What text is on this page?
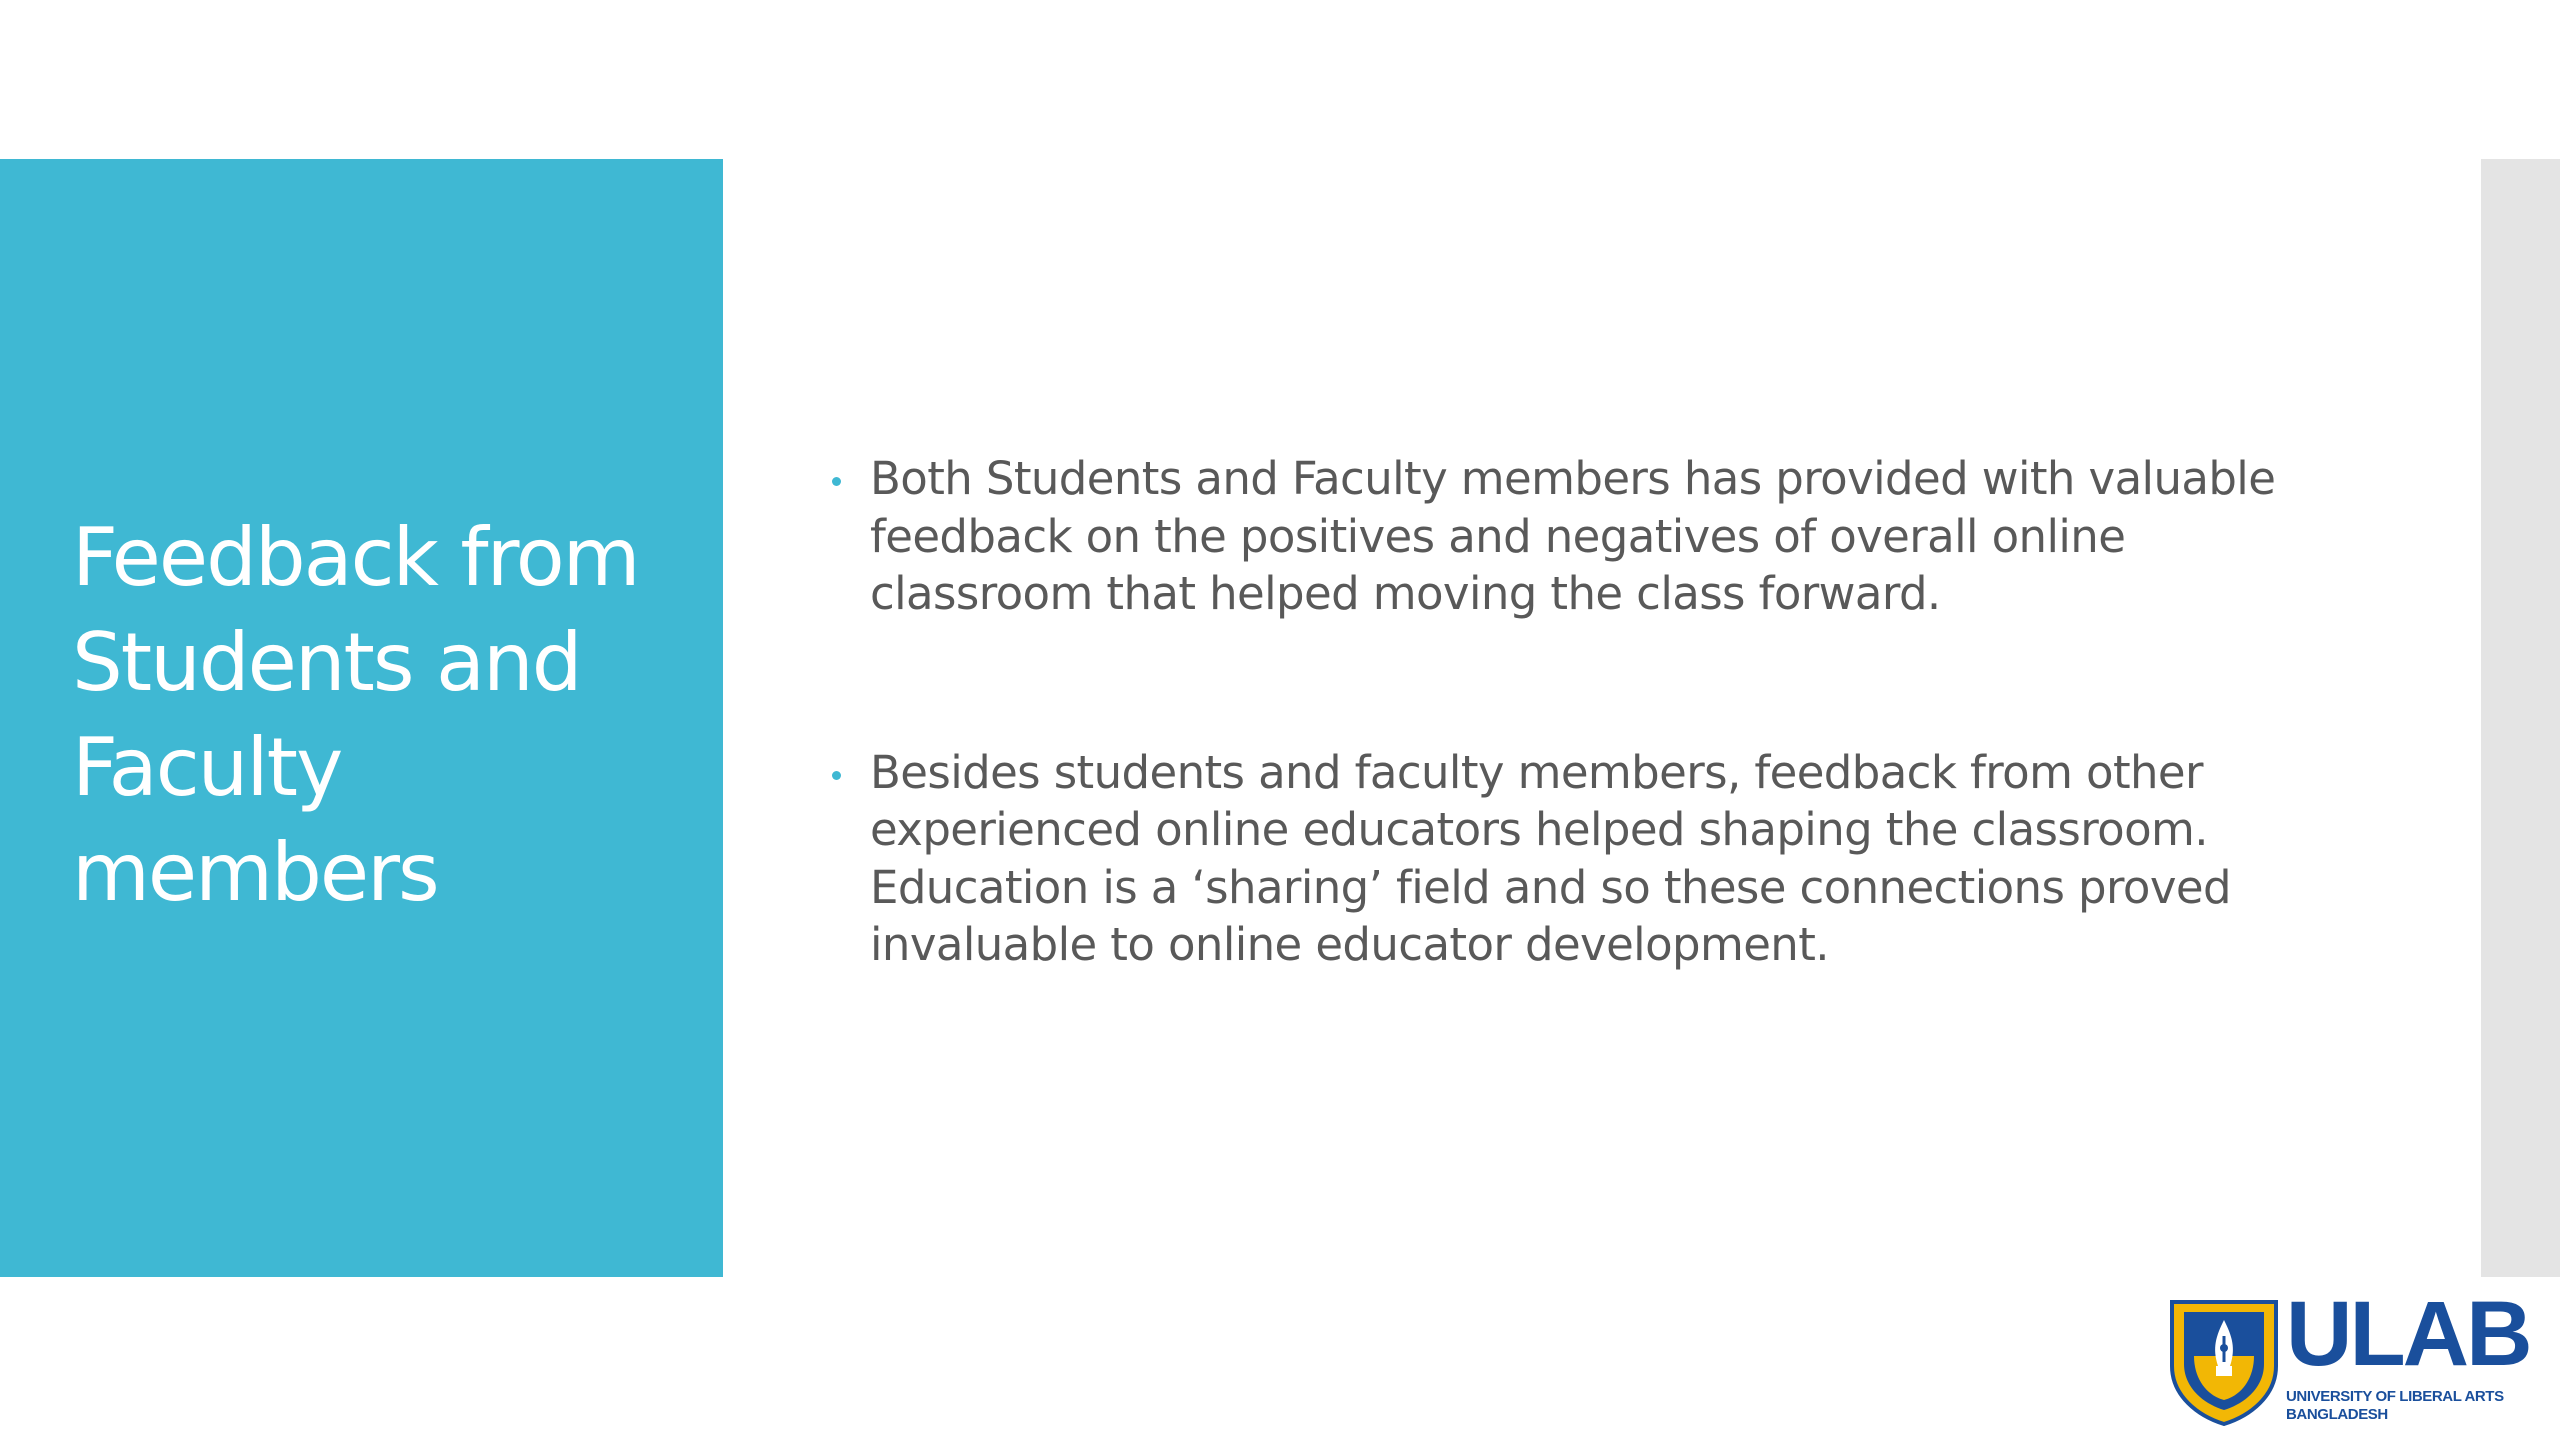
Feedback from Students and Faculty members
Both Students and Faculty members has provided with valuable feedback on the positives and negatives of overall online classroom that helped moving the class forward.
Besides students and faculty members, feedback from other experienced online educators helped shaping the classroom. Education is a ‘sharing’ field and so these connections proved invaluable to online educator development.
ULAB
UNIVERSITY OF LIBERAL ARTS
BANGLADESH
